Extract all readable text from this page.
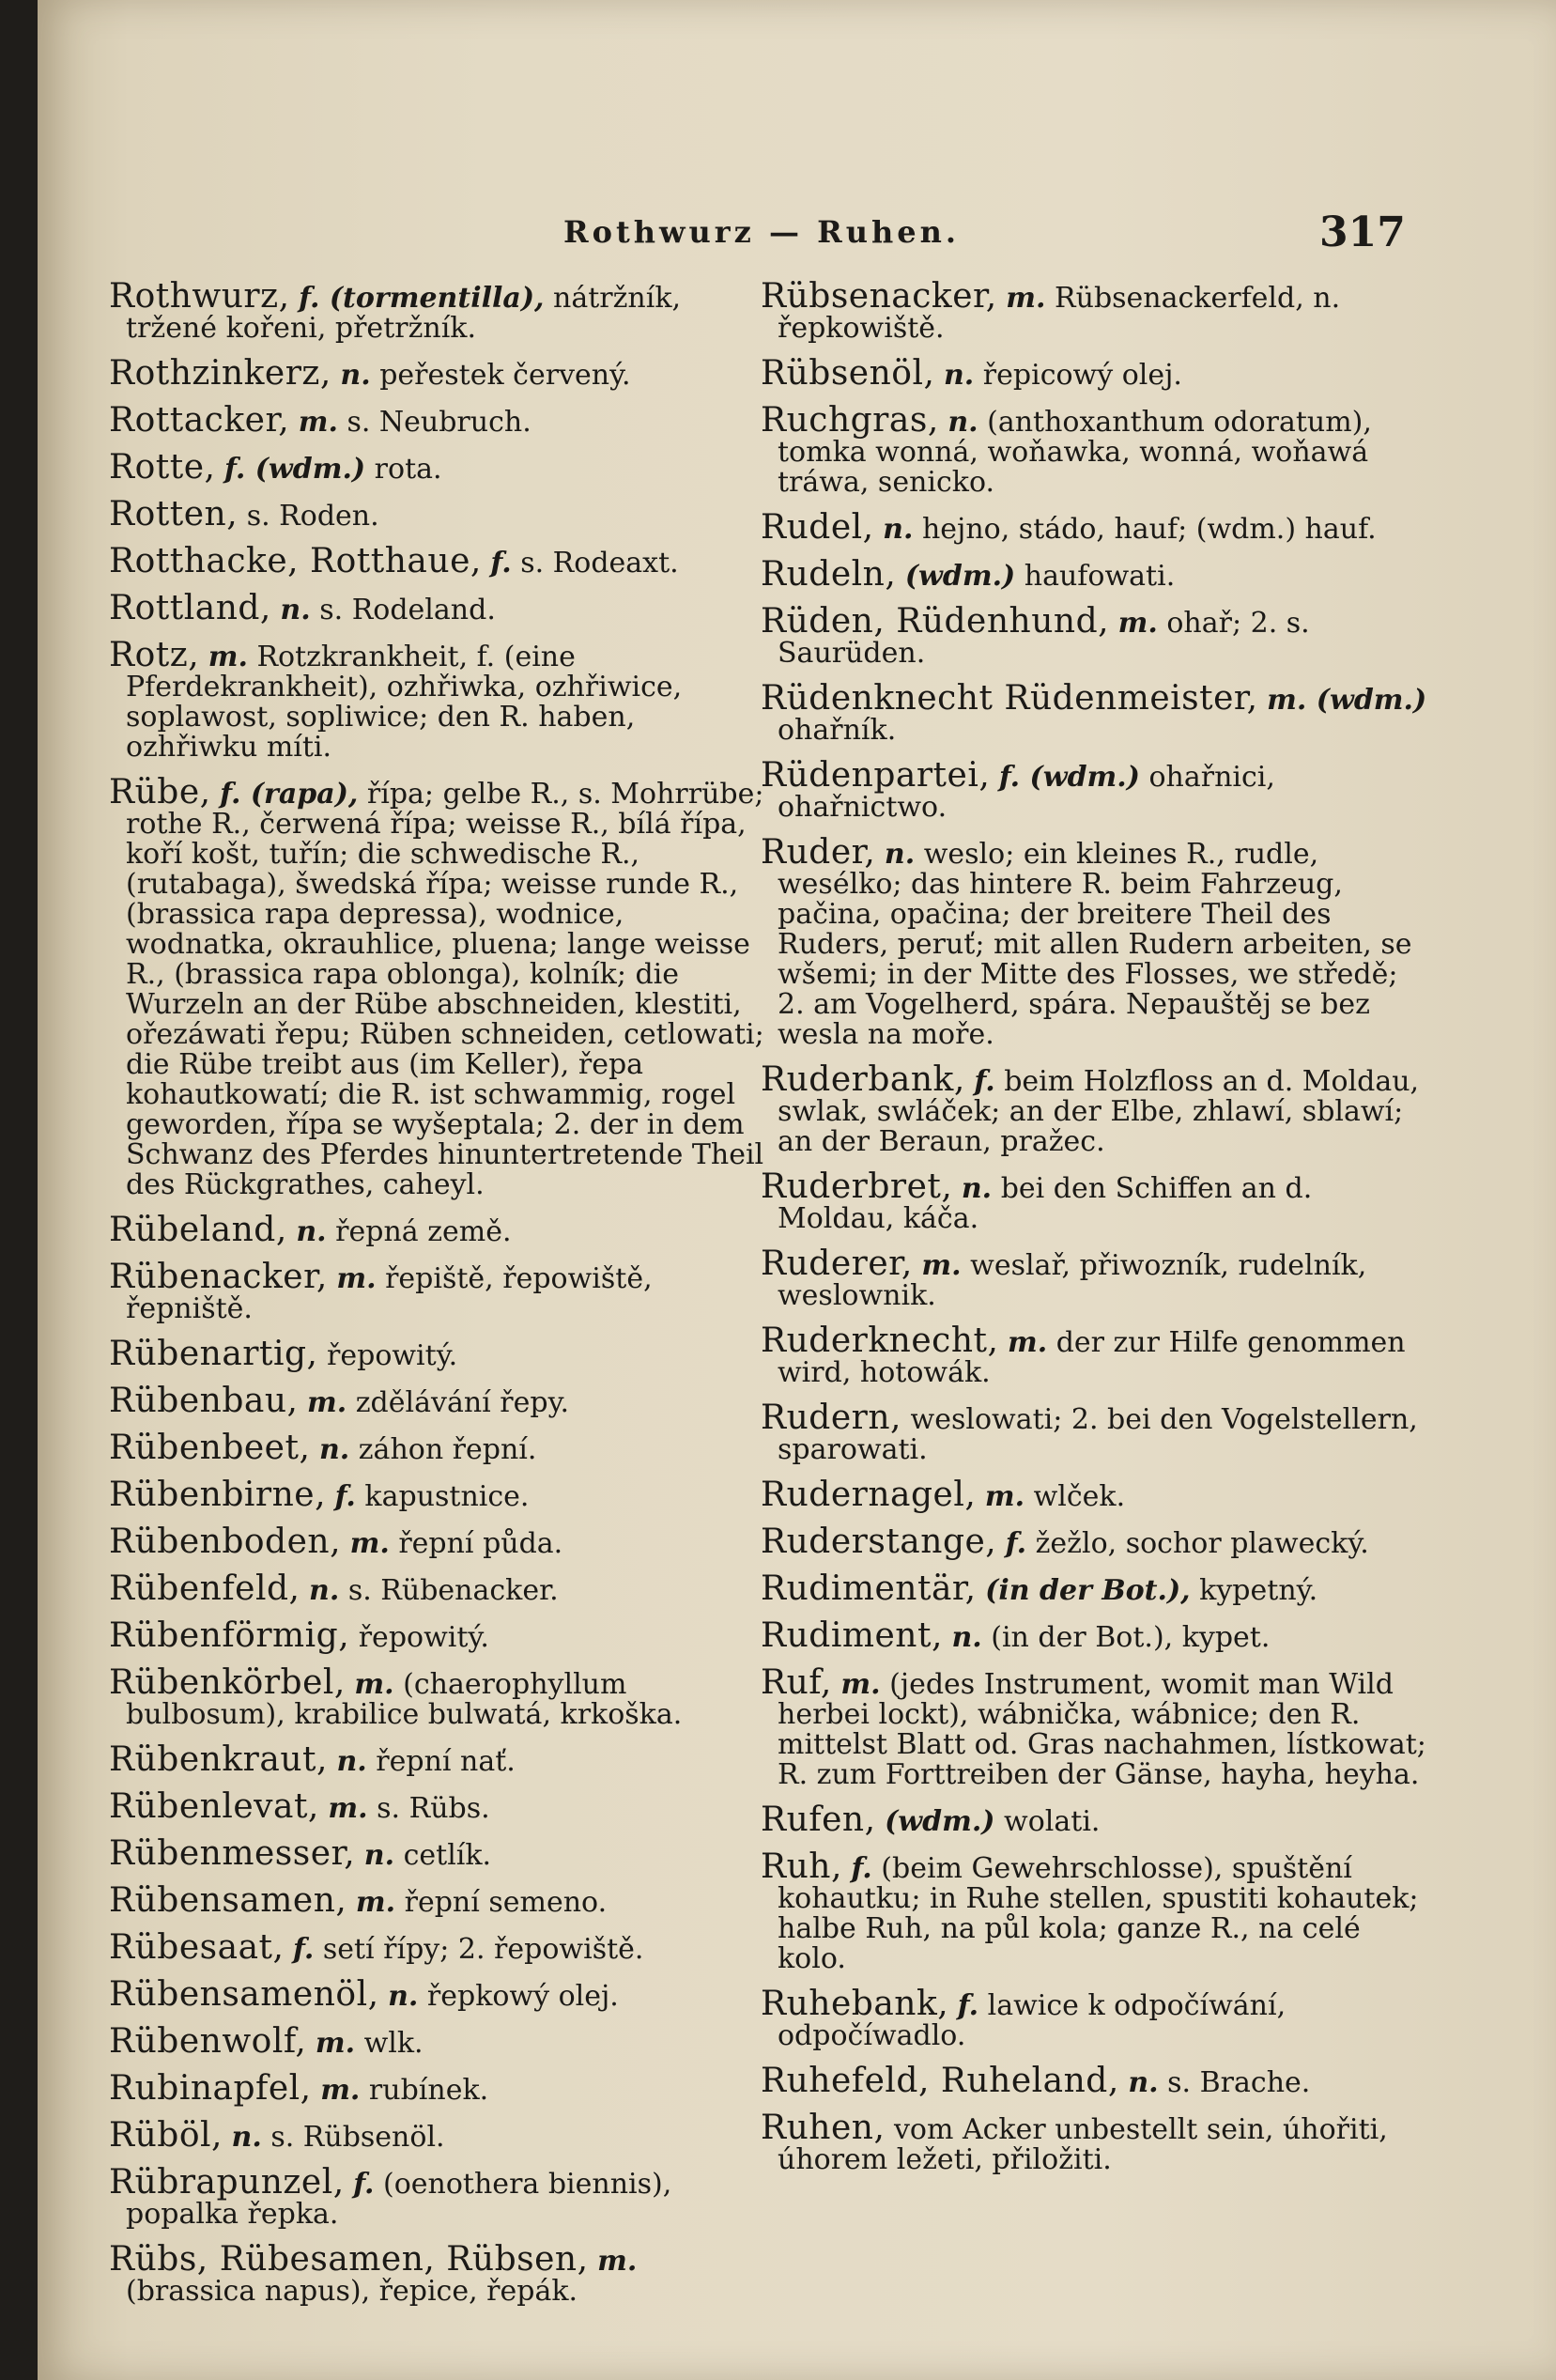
Rothwurz — Ruhen.	317

Rothwurz, f. (tormentilla), nátržník, tržené kořeni, přetržník.

Rothzinkerz, n. peřestek červený.

Rottacker, m. s. Neubruch.

Rotte, f. (wdm.) rota.

Rotten, s. Roden.

Rotthacke, Rotthaue, f. s. Rodeaxt.

Rottland, n. s. Rodeland.

Rotz, m. Rotzkrankheit, f. (eine Pferdekrankheit), ozhřiwka, ozhřiwice, soplawost, sopliwice; den R. haben, ozhřiwku míti.

Rübe, f. (rapa), řípa; gelbe R., s. Mohrrübe; rothe R., čerwená řípa; weisse R., bílá řípa, koří košt, tuřín; die schwedische R., (rutabaga), šwedská řípa; weisse runde R., (brassica rapa depressa), wodnice, wodnatka, okrauhlice, pluena; lange weisse R., (brassica rapa oblonga), kolník; die Wurzeln an der Rübe abschneiden, klestiti, ořezáwati řepu; Rüben schneiden, cetlowati; die Rübe treibt aus (im Keller), řepa kohautkowatí; die R. ist schwammig, rogel geworden, řípa se wyšeptala; 2. der in dem Schwanz des Pferdes hinuntertretende Theil des Rückgrathes, caheyl.

Rübeland, n. řepná země.

Rübenacker, m. řepiště, řepowiště, řepniště.

Rübenartig, řepowitý.

Rübenbau, m. zdělávání řepy.

Rübenbeet, n. záhon řepní.

Rübenbirne, f. kapustnice.

Rübenboden, m. řepní půda.

Rübenfeld, n. s. Rübenacker.

Rübenförmig, řepowitý.

Rübenkörbel, m. (chaerophyllum bulbosum), krabilice bulwatá, krkoška.

Rübenkraut, n. řepní nať.

Rübenlevat, m. s. Rübs.

Rübenmesser, n. cetlík.

Rübensamen, m. řepní semeno.

Rübesaat, f. setí řípy; 2. řepowiště.

Rübensamenöl, n. řepkowý olej.

Rübenwolf, m. wlk.

Rubinapfel, m. rubínek.

Rüböl, n. s. Rübsenöl.

Rübrapunzel, f. (oenothera biennis), popalka řepka.

Rübs, Rübesamen, Rübsen, m. (brassica napus), řepice, řepák.

Rübsenacker, m. Rübsenackerfeld, n. řepkowiště.

Rübsenöl, n. řepicowý olej.

Ruchgras, n. (anthoxanthum odoratum), tomka wonná, woňawka, wonná, woňawá tráwa, senicko.

Rudel, n. hejno, stádo, hauf; (wdm.) hauf.

Rudeln, (wdm.) haufowati.

Rüden, Rüdenhund, m. ohař; 2. s. Saurüden.

Rüdenknecht Rüdenmeister, m. (wdm.) ohařník.

Rüdenpartei, f. (wdm.) ohařnici, ohařnictwo.

Ruder, n. weslo; ein kleines R., rudle, wesélko; das hintere R. beim Fahrzeug, pačina, opačina; der breitere Theil des Ruders, peruť; mit allen Rudern arbeiten, se wšemi; in der Mitte des Flosses, we středě; 2. am Vogelherd, spára. Nepauštěj se bez wesla na moře.

Ruderbank, f. beim Holzfloss an d. Moldau, swlak, swláček; an der Elbe, zhlawí, sblawí; an der Beraun, pražec.

Ruderbret, n. bei den Schiffen an d. Moldau, káča.

Ruderer, m. weslař, přiwozník, rudelník, weslownik.

Ruderknecht, m. der zur Hilfe genommen wird, hotowák.

Rudern, weslowati; 2. bei den Vogelstellern, sparowati.

Rudernagel, m. wlček.

Ruderstange, f. žežlo, sochor plawecký.

Rudimentär, (in der Bot.), kypetný.

Rudiment, n. (in der Bot.), kypet.

Ruf, m. (jedes Instrument, womit man Wild herbei lockt), wábnička, wábnice; den R. mittelst Blatt od. Gras nachahmen, lístkowat; R. zum Forttreiben der Gänse, hayha, heyha.

Rufen, (wdm.) wolati.

Ruh, f. (beim Gewehrschlosse), spuštění kohautku; in Ruhe stellen, spustiti kohautek; halbe Ruh, na půl kola; ganze R., na celé kolo.

Ruhebank, f. lawice k odpočíwání, odpočíwadlo.

Ruhefeld, Ruheland, n. s. Brache.

Ruhen, vom Acker unbestellt sein, úhořiti, úhorem ležeti, přiložiti.
